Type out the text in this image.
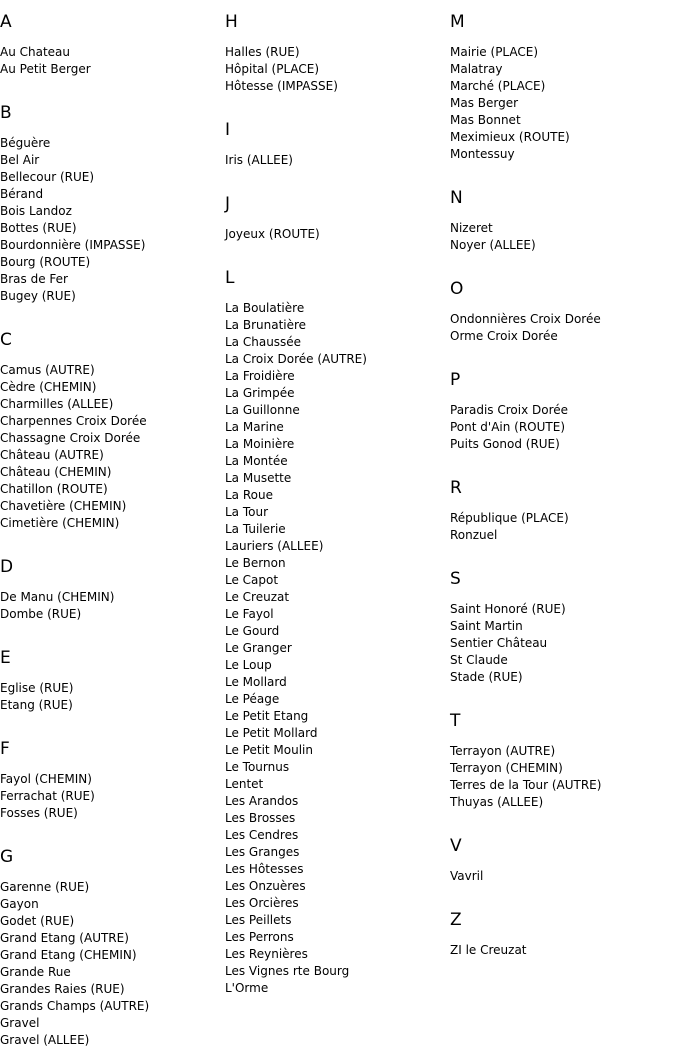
A
Au Chateau
Au Petit Berger
B
Béguère
Bel Air
Bellecour (RUE)
Bérand
Bois Landoz
Bottes (RUE)
Bourdonnière (IMPASSE)
Bourg (ROUTE)
Bras de Fer
Bugey (RUE)
C
Camus (AUTRE)
Cèdre (CHEMIN)
Charmilles (ALLEE)
Charpennes Croix Dorée
Chassagne Croix Dorée
Château (AUTRE)
Château (CHEMIN)
Chatillon (ROUTE)
Chavetière (CHEMIN)
Cimetière (CHEMIN)
D
De Manu (CHEMIN)
Dombe (RUE)
E
Eglise (RUE)
Etang (RUE)
F
Fayol (CHEMIN)
Ferrachat (RUE)
Fosses (RUE)
G
Garenne (RUE)
Gayon
Godet (RUE)
Grand Etang (AUTRE)
Grand Etang (CHEMIN)
Grande Rue
Grandes Raies (RUE)
Grands Champs (AUTRE)
Gravel
Gravel (ALLEE)
H
Halles (RUE)
Hôpital (PLACE)
Hôtesse (IMPASSE)
I
Iris (ALLEE)
J
Joyeux (ROUTE)
L
La Boulatière
La Brunatière
La Chaussée
La Croix Dorée (AUTRE)
La Froidière
La Grimpée
La Guillonne
La Marine
La Moinière
La Montée
La Musette
La Roue
La Tour
La Tuilerie
Lauriers (ALLEE)
Le Bernon
Le Capot
Le Creuzat
Le Fayol
Le Gourd
Le Granger
Le Loup
Le Mollard
Le Péage
Le Petit Etang
Le Petit Mollard
Le Petit Moulin
Le Tournus
Lentet
Les Arandos
Les Brosses
Les Cendres
Les Granges
Les Hôtesses
Les Onzuères
Les Orcières
Les Peillets
Les Perrons
Les Reynières
Les Vignes rte Bourg
L'Orme
M
Mairie (PLACE)
Malatray
Marché (PLACE)
Mas Berger
Mas Bonnet
Meximieux (ROUTE)
Montessuy
N
Nizeret
Noyer (ALLEE)
O
Ondonnières Croix Dorée
Orme Croix Dorée
P
Paradis Croix Dorée
Pont d'Ain (ROUTE)
Puits Gonod (RUE)
R
République (PLACE)
Ronzuel
S
Saint Honoré (RUE)
Saint Martin
Sentier Château
St Claude
Stade (RUE)
T
Terrayon (AUTRE)
Terrayon (CHEMIN)
Terres de la Tour (AUTRE)
Thuyas (ALLEE)
V
Vavril
Z
ZI le Creuzat
